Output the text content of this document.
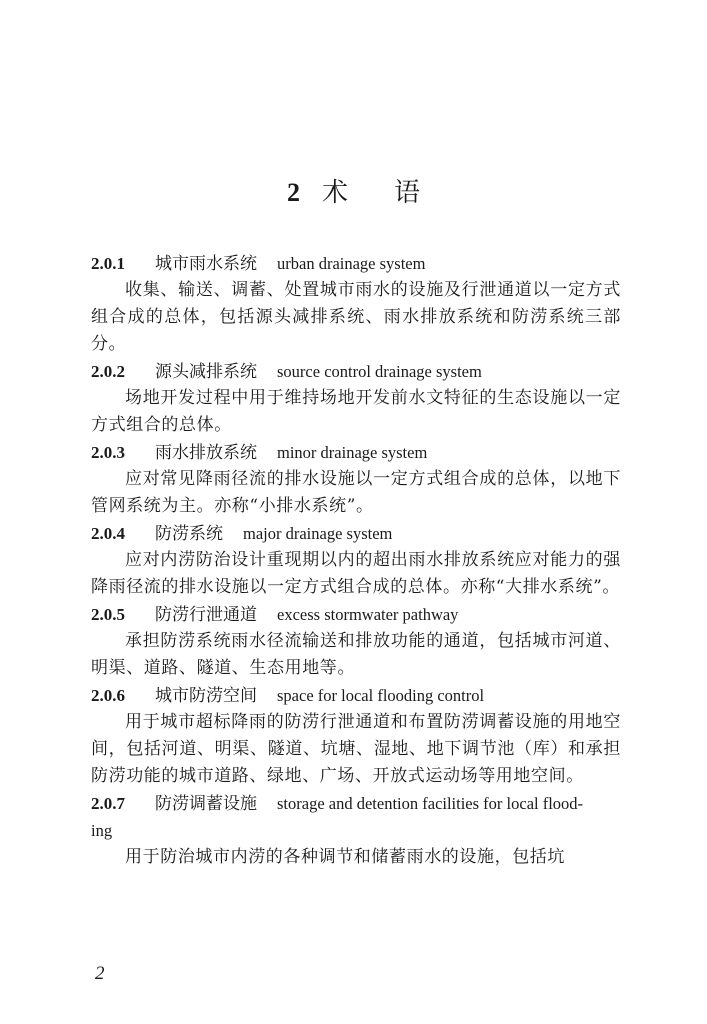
2 术语
2.0.1 城市雨水系统 urban drainage system

收集、输送、调蓄、处置城市雨水的设施及行泄通道以一定方式组合成的总体，包括源头减排系统、雨水排放系统和防涝系统三部分。

2.0.2 源头减排系统 source control drainage system

场地开发过程中用于维持场地开发前水文特征的生态设施以一定方式组合的总体。

2.0.3 雨水排放系统 minor drainage system

应对常见降雨径流的排水设施以一定方式组合成的总体，以地下管网系统为主。亦称“小排水系统”。

2.0.4 防涝系统 major drainage system

应对内涝防治设计重现期以内的超出雨水排放系统应对能力的强降雨径流的排水设施以一定方式组合成的总体。亦称“大排水系统”。

2.0.5 防涝行泄通道 excess stormwater pathway

承担防涝系统雨水径流输送和排放功能的通道，包括城市河道、明渠、道路、隧道、生态用地等。

2.0.6 城市防涝空间 space for local flooding control

用于城市超标降雨的防涝行泄通道和布置防涝调蓄设施的用地空间，包括河道、明渠、隧道、坑塘、湿地、地下调节池（库）和承担防涝功能的城市道路、绿地、广场、开放式运动场等用地空间。

2.0.7 防涝调蓄设施 storage and detention facilities for local flood-
ing

用于防治城市内涝的各种调节和储蓄雨水的设施，包括坑

2
